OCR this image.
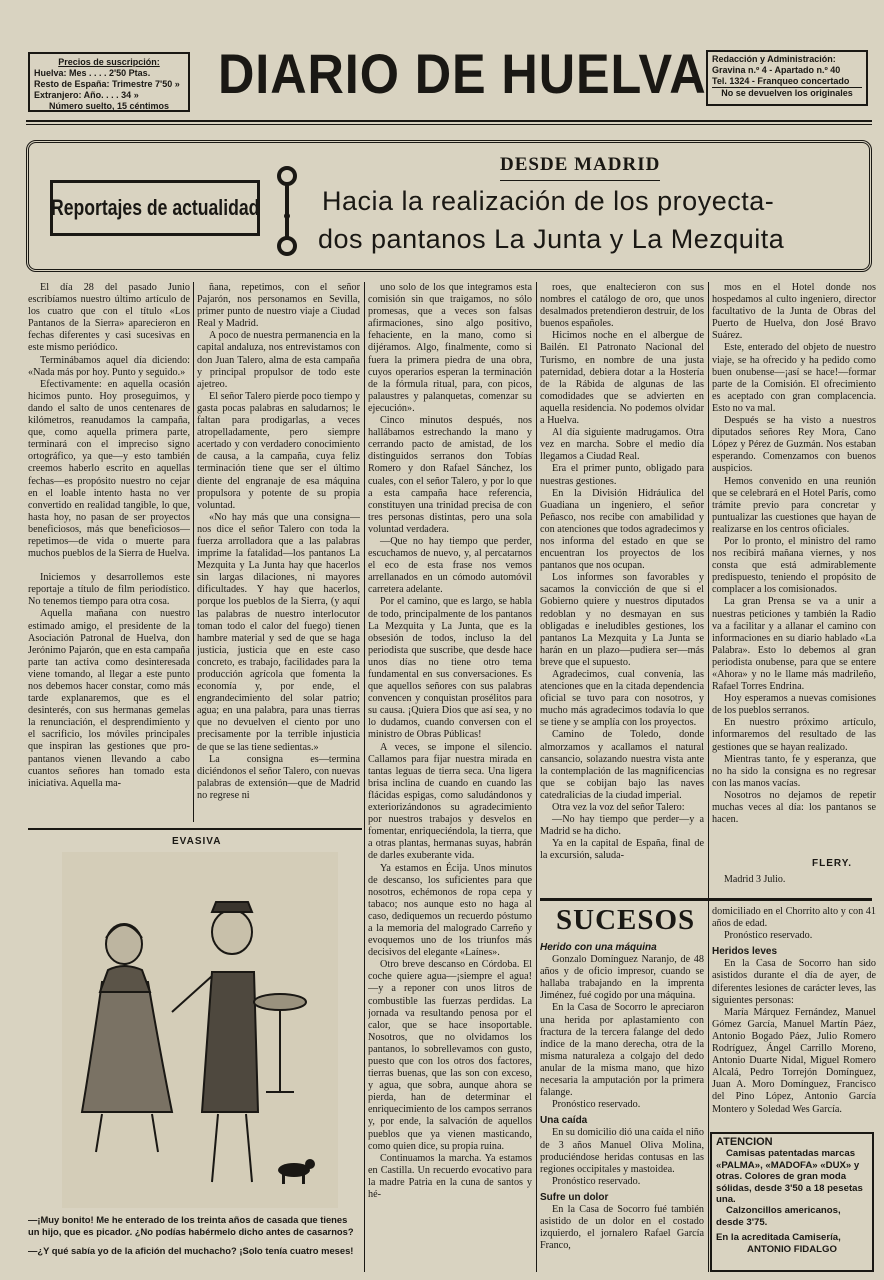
Precios de suscripción:
Huelva: Mes . . . . 2'50 Ptas.
Resto de España: Trimestre 7'50 »
Extranjero: Año. . . . 34 »
Número suelto, 15 céntimos
DIARIO DE HUELVA Redacción y Administración:
Gravina n.º 4 - Apartado n.º 40
Tel. 1324 - Franqueo concertado
No se devuelven los originales
Reportajes de actualidad
DESDE MADRID
Hacia la realización de los proyecta-
dos pantanos La Junta y La Mezquita

El día 28 del pasado Junio escribíamos nuestro último artículo de los cuatro que con el título «Los Pantanos de la Sierra» aparecieron en fechas diferentes y casi sucesivas en este mismo periódico.

Terminábamos aquel día diciendo: «Nada más por hoy. Punto y seguido.»

Efectivamente: en aquella ocasión hicimos punto. Hoy proseguimos, y dando el salto de unos centenares de kilómetros, reanudamos la campaña, que, como aquella primera parte, terminará con el impreciso signo ortográfico, ya que—y esto también creemos haberlo escrito en aquellas fechas—es propósito nuestro no cejar en el loable intento hasta no ver convertido en realidad tangible, lo que, hasta hoy, no pasan de ser proyectos beneficiosos, más que beneficiosos—repetimos—de vida o muerte para muchos pueblos de la Sierra de Huelva.

Iniciemos y desarrollemos este reportaje a título de film periodístico. No tenemos tiempo para otra cosa.

Aquella mañana con nuestro estimado amigo, el presidente de la Asociación Patronal de Huelva, don Jerónimo Pajarón, que en esta campaña parte tan activa como desinteresada viene tomando, al llegar a este punto nos debemos hacer constar, como más tarde explanaremos, que es el desinterés, con sus hermanas gemelas la renunciación, el desprendimiento y el sacrificio, los móviles principales que inspiran las gestiones que pro-pantanos vienen llevando a cabo cuantos señores han tomado esta iniciativa. Aquella ma-

ñana, repetimos, con el señor Pajarón, nos personamos en Sevilla, primer punto de nuestro viaje a Ciudad Real y Madrid.

A poco de nuestra permanencia en la capital andaluza, nos entrevistamos con don Juan Talero, alma de esta campaña y principal propulsor de todo este ajetreo.

El señor Talero pierde poco tiempo y gasta pocas palabras en saludarnos; le faltan para prodigarlas, a veces atropelladamente, pero siempre acertado y con verdadero conocimiento de causa, a la campaña, cuya feliz terminación tiene que ser el último diente del engranaje de esa máquina propulsora y potente de su propia voluntad.

«No hay más que una consigna—nos dice el señor Talero con toda la fuerza arrolladora que a las palabras imprime la fatalidad—los pantanos La Mezquita y La Junta hay que hacerlos sin largas dilaciones, ni mayores dificultades. Y hay que hacerlos, porque los pueblos de la Sierra, (y aquí las palabras de nuestro interlocutor toman todo el calor del fuego) tienen hambre material y sed de que se haga justicia, justicia que en este caso concreto, es trabajo, facilidades para la producción agrícola que fomenta la economía y, por ende, el engrandecimiento del solar patrio; agua; en una palabra, para unas tierras que no devuelven el ciento por uno precisamente por la terrible injusticia de que se las tiene sedientas.»

La consigna es—termina diciéndonos el señor Talero, con nuevas palabras de extensión—que de Madrid no regrese ni

uno solo de los que integramos esta comisión sin que traigamos, no sólo promesas, que a veces son falsas afirmaciones, sino algo positivo, fehaciente, en la mano, como si dijéramos. Algo, finalmente, como si fuera la primera piedra de una obra, cuyos operarios esperan la terminación de la fórmula ritual, para, con picos, palaustres y palanquetas, comenzar su ejecución».

Cinco minutos después, nos hallábamos estrechando la mano y cerrando pacto de amistad, de los distinguidos serranos don Tobías Romero y don Rafael Sánchez, los cuales, con el señor Talero, y por lo que a esta campaña hace referencia, constituyen una trinidad precisa de con tres personas distintas, pero una sola voluntad verdadera.

—Que no hay tiempo que perder, escuchamos de nuevo, y, al percatarnos el eco de esta frase nos vemos arrellanados en un cómodo automóvil carretera adelante.

Por el camino, que es largo, se habla de todo, principalmente de los pantanos La Mezquita y La Junta, que es la obsesión de todos, incluso la del periodista que suscribe, que desde hace unos días no tiene otro tema fundamental en sus conversaciones. Es que aquellos señores con sus palabras convencen y conquistan prosélitos para su causa. ¡Quiera Dios que así sea, y no lo dudamos, cuando conversen con el ministro de Obras Públicas!

A veces, se impone el silencio. Callamos para fijar nuestra mirada en tantas leguas de tierra seca. Una ligera brisa inclina de cuando en cuando las flácidas espigas, como saludándonos y exteriorizándonos su agradecimiento por nuestros trabajos y desvelos en fomentar, enriqueciéndola, la tierra, que a otras plantas, hermanas suyas, habrán de darles exuberante vida.

Ya estamos en Écija. Unos minutos de descanso, los suficientes para que nosotros, echémonos de ropa cepa y tabaco; nos aunque esto no haga al caso, dediquemos un recuerdo póstumo a la memoria del malogrado Carreño y evoquemos uno de los triunfos más decisivos del elegante «Laínes».

Otro breve descanso en Córdoba. El coche quiere agua—¡siempre el agua!—y a reponer con unos litros de combustible las fuerzas perdidas. La jornada va resultando penosa por el calor, que se hace insoportable. Nosotros, que no olvidamos los pantanos, lo sobrellevamos con gusto, puesto que con los otros dos factores, tierras buenas, que las son con exceso, y agua, que sobra, aunque ahora se pierda, han de determinar el enriquecimiento de los campos serranos y, por ende, la salvación de aquellos pueblos que ya vienen masticando, como quien dice, su propia ruina.

Continuamos la marcha. Ya estamos en Castilla. Un recuerdo evocativo para la madre Patria en la cuna de santos y hé-

roes, que enaltecieron con sus nombres el catálogo de oro, que unos desalmados pretendieron destruir, de los buenos españoles.

Hicimos noche en el albergue de Bailén. El Patronato Nacional del Turismo, en nombre de una justa paternidad, debiera dotar a la Hostería de la Rábida de algunas de las comodidades que se advierten en aquella residencia. No podemos olvidar a Huelva.

Al día siguiente madrugamos. Otra vez en marcha. Sobre el medio día llegamos a Ciudad Real.

Era el primer punto, obligado para nuestras gestiones.

En la División Hidráulica del Guadiana un ingeniero, el señor Peñasco, nos recibe con amabilidad y con atenciones que todos agradecimos y nos informa del estado en que se encuentran los proyectos de los pantanos que nos ocupan.

Los informes son favorables y sacamos la convicción de que si el Gobierno quiere y nuestros diputados redoblan y no desmayan en sus obligadas e ineludibles gestiones, los pantanos La Mezquita y La Junta se harán en un plazo—pudiera ser—más breve que el supuesto.

Agradecimos, cual convenía, las atenciones que en la citada dependencia oficial se tuvo para con nosotros, y mucho más agradecimos todavía lo que se tiene y se amplía con los proyectos.

Camino de Toledo, donde almorzamos y acallamos el natural cansancio, solazando nuestra vista ante la contemplación de las magnificencias que se cobijan bajo las naves catedralicias de la ciudad imperial.

Otra vez la voz del señor Talero:

—No hay tiempo que perder—y a Madrid se ha dicho.

Ya en la capital de España, final de la excursión, saluda-

mos en el Hotel donde nos hospedamos al culto ingeniero, director facultativo de la Junta de Obras del Puerto de Huelva, don José Bravo Suárez.

Este, enterado del objeto de nuestro viaje, se ha ofrecido y ha pedido como buen onubense—¡así se hace!—formar parte de la Comisión. El ofrecimiento es aceptado con gran complacencia. Esto no va mal.

Después se ha visto a nuestros diputados señores Rey Mora, Cano López y Pérez de Guzmán. Nos estaban esperando. Comenzamos con buenos auspicios.

Hemos convenido en una reunión que se celebrará en el Hotel París, como trámite previo para concretar y puntualizar las cuestiones que hayan de realizarse en los centros oficiales.

Por lo pronto, el ministro del ramo nos recibirá mañana viernes, y nos consta que está admirablemente predispuesto, teniendo el propósito de complacer a los comisionados.

La gran Prensa se va a unir a nuestras peticiones y también la Radio va a facilitar y a allanar el camino con informaciones en su diario hablado «La Palabra». Esto lo debemos al gran periodista onubense, para que se entere «Ahora» y no le llame más madrileño, Rafael Torres Endrina.

Hoy esperamos a nuevas comisiones de los pueblos serranos.

En nuestro próximo artículo, informaremos del resultado de las gestiones que se hayan realizado.

Mientras tanto, fe y esperanza, que no ha sido la consigna es no regresar con las manos vacías.

Nosotros no dejamos de repetir muchas veces al día: los pantanos se hacen.

FLERY.
Madrid 3 Julio.
EVASIVA
—¡Muy bonito! Me he enterado de los treinta años de casada que tienes un hijo, que es picador. ¿No podías habérmelo dicho antes de casarnos?
—¿Y qué sabía yo de la afición del muchacho? ¡Solo tenía cuatro meses!
SUCESOS
Herido con una máquina

Gonzalo Domínguez Naranjo, de 48 años y de oficio impresor, cuando se hallaba trabajando en la imprenta Jiménez, fué cogido por una máquina.

En la Casa de Socorro le apreciaron una herida por aplastamiento con fractura de la tercera falange del dedo índice de la mano derecha, otra de la misma naturaleza a colgajo del dedo anular de la misma mano, que hizo necesaria la amputación por la primera falange.

Pronóstico reservado.

Una caída

En su domicilio dió una caída el niño de 3 años Manuel Oliva Molina, produciéndose heridas contusas en las regiones occipitales y mastoidea.

Pronóstico reservado.

Sufre un dolor

En la Casa de Socorro fué también asistido de un dolor en el costado izquierdo, el jornalero Rafael García Franco,

domiciliado en el Chorrito alto y con 41 años de edad.

Pronóstico reservado.

Heridos leves

En la Casa de Socorro han sido asistidos durante el día de ayer, de diferentes lesiones de carácter leves, las siguientes personas:

María Márquez Fernández, Manuel Gómez García, Manuel Martín Páez, Antonio Bogado Páez, Julio Romero Rodríguez, Ángel Carrillo Moreno, Antonio Duarte Nidal, Miguel Romero Alcalá, Pedro Torrejón Domínguez, Juan A. Moro Domínguez, Francisco del Pino López, Antonio García Montero y Soledad Wes García.

ATENCION
Camisas patentadas marcas «PALMA», «MADOFA» «DUX» y otras. Colores de gran moda sólidas, desde 3'50 a 18 pesetas una.
Calzoncillos americanos, desde 3'75.
En la acreditada Camisería,
ANTONIO FIDALGO
